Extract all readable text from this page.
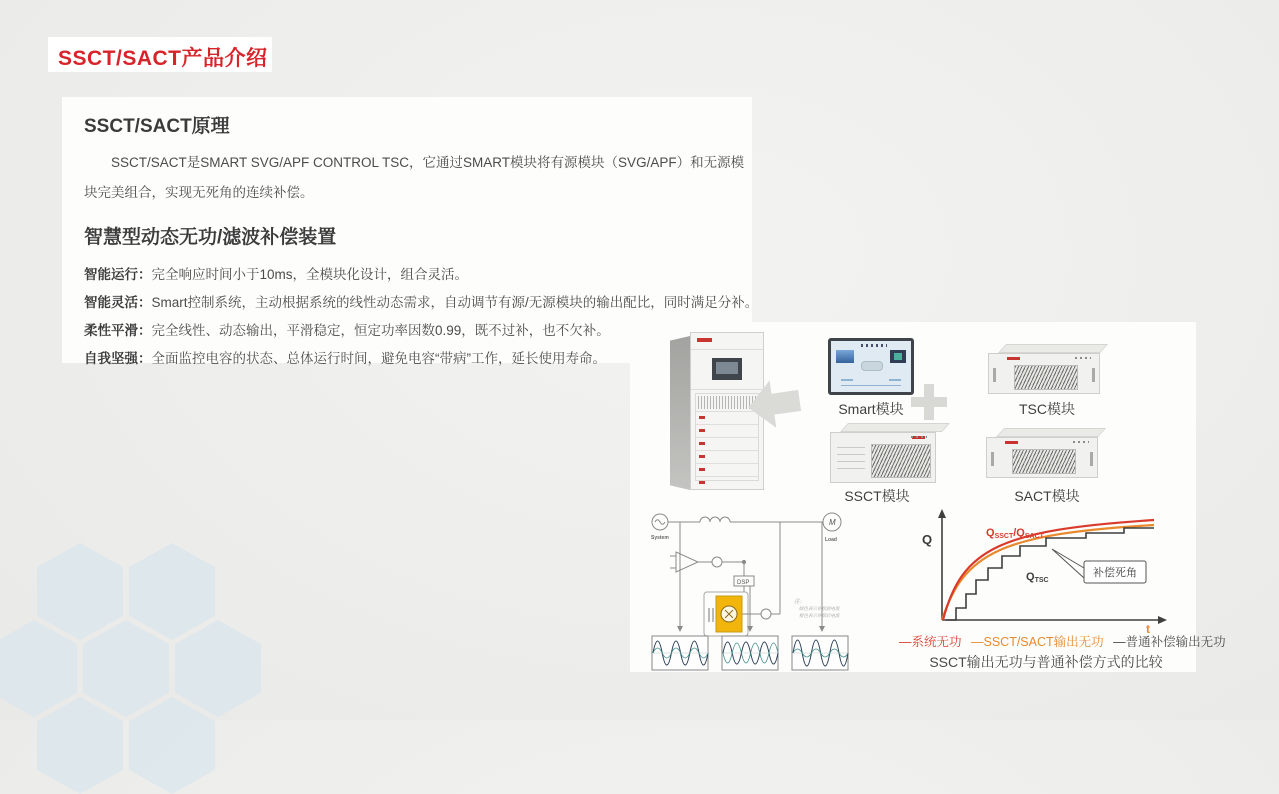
SSCT/SACT产品介绍
SSCT/SACT原理

SSCT/SACT是SMART SVG/APF CONTROL TSC，它通过SMART模块将有源模块（SVG/APF）和无源模块完美组合，实现无死角的连续补偿。

智慧型动态无功/滤波补偿装置
智能运行：完全响应时间小于10ms，全模块化设计，组合灵活。
智能灵活：Smart控制系统，主动根据系统的线性动态需求，自动调节有源/无源模块的输出配比，同时满足分补。
柔性平滑：完全线性、动态输出，平滑稳定，恒定功率因数0.99，既不过补，也不欠补。
自我坚强：全面监控电容的状态、总体运行时间，避免电容“带病”工作，延长使用寿命。
Smart模块	TSC模块
SSCT模块	SACT模块
System	Load
M
DSP
注：
绿色表示补偿前电流
橙色表示补偿后电流
Q
t
QSSCT/QSACT
QTSC
补偿死角
—系统无功 —SSCT/SACT输出无功 —普通补偿输出无功
SSCT输出无功与普通补偿方式的比较
